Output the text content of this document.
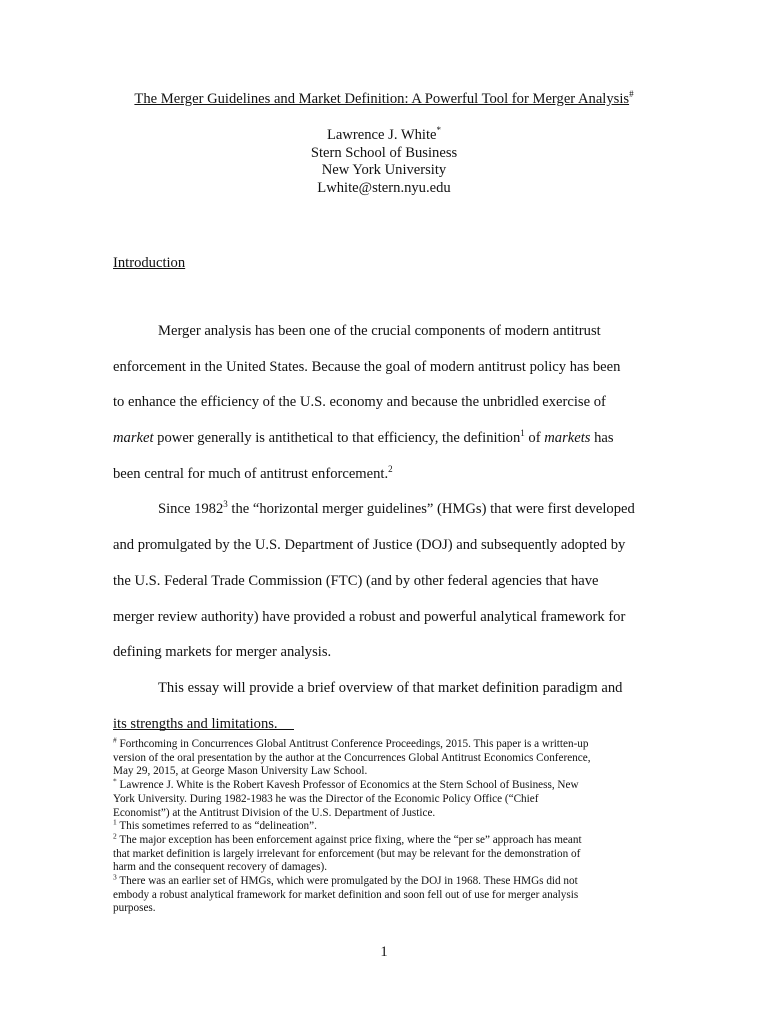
The Merger Guidelines and Market Definition: A Powerful Tool for Merger Analysis#
Lawrence J. White*
Stern School of Business
New York University
Lwhite@stern.nyu.edu
Introduction
Merger analysis has been one of the crucial components of modern antitrust
enforcement in the United States. Because the goal of modern antitrust policy has been
to enhance the efficiency of the U.S. economy and because the unbridled exercise of
market power generally is antithetical to that efficiency, the definition$^1$ of markets has
been central for much of antitrust enforcement.$^2$
Since 1982$^3$ the “horizontal merger guidelines” (HMGs) that were first developed
and promulgated by the U.S. Department of Justice (DOJ) and subsequently adopted by
the U.S. Federal Trade Commission (FTC) (and by other federal agencies that have
merger review authority) have provided a robust and powerful analytical framework for
defining markets for merger analysis.
This essay will provide a brief overview of that market definition paradigm and
its strengths and limitations.
# Forthcoming in Concurrences Global Antitrust Conference Proceedings, 2015. This paper is a written-up
version of the oral presentation by the author at the Concurrences Global Antitrust Economics Conference,
May 29, 2015, at George Mason University Law School.
* Lawrence J. White is the Robert Kavesh Professor of Economics at the Stern School of Business, New
York University. During 1982-1983 he was the Director of the Economic Policy Office (“Chief
Economist”) at the Antitrust Division of the U.S. Department of Justice.
$^1$ This sometimes referred to as “delineation”.
$^2$ The major exception has been enforcement against price fixing, where the “per se” approach has meant
that market definition is largely irrelevant for enforcement (but may be relevant for the demonstration of
harm and the consequent recovery of damages).
$^3$ There was an earlier set of HMGs, which were promulgated by the DOJ in 1968. These HMGs did not
embody a robust analytical framework for market definition and soon fell out of use for merger analysis
purposes.
1
